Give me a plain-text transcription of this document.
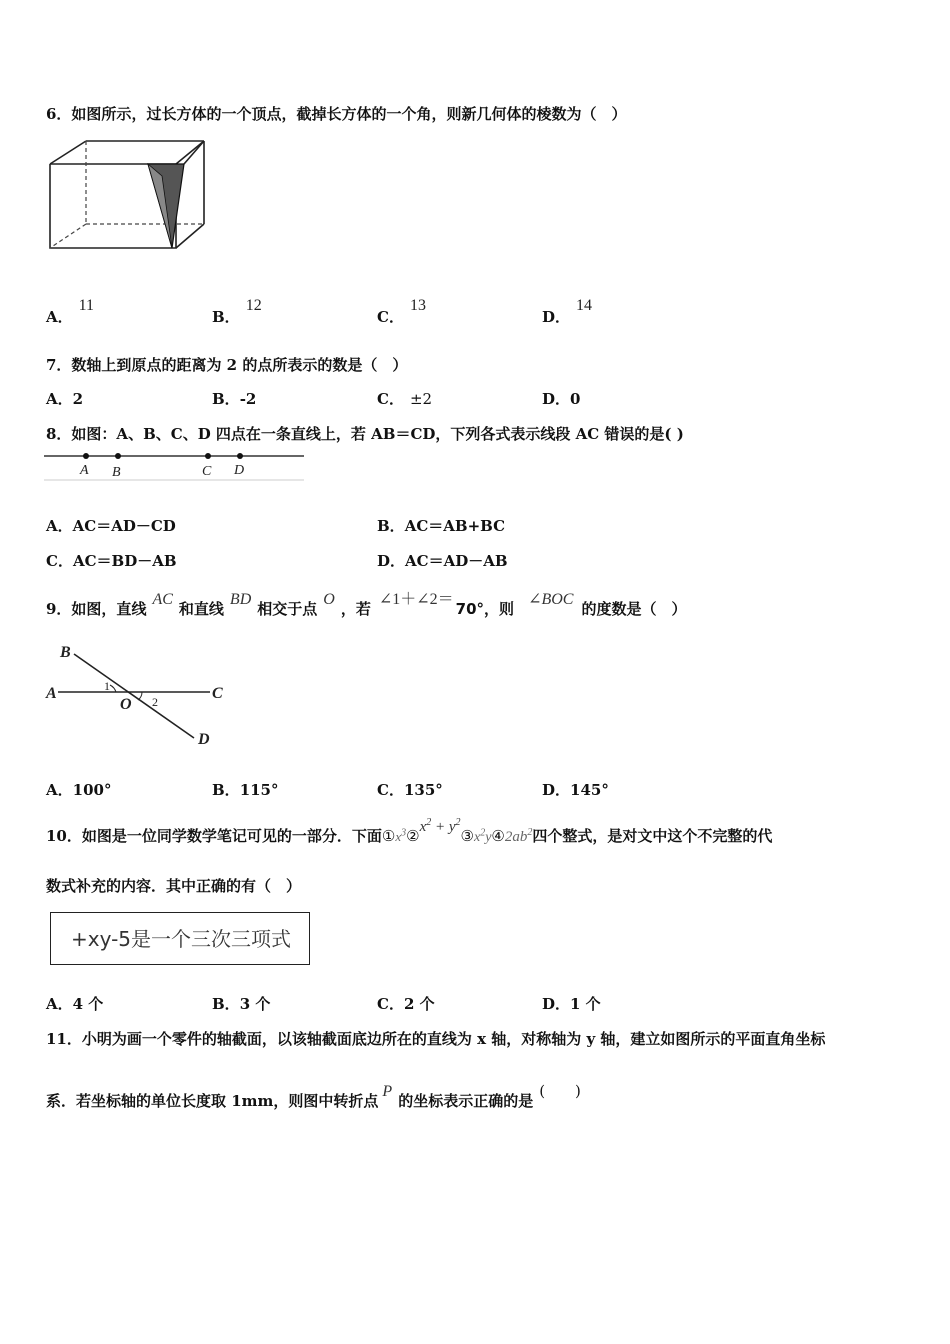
6．如图所示，过长方体的一个顶点，截掉长方体的一个角，则新几何体的棱数为（　）
A．11
B．12
C．13
D．14
7．数轴上到原点的距离为 2 的点所表示的数是（　）
A．2	B．-2	C． ±2	D．0
8．如图：A、B、C、D 四点在一条直线上，若 AB＝CD，下列各式表示线段 AC 错误的是( )
A B	C D
A．AC＝AD－CD	B．AC＝AB+BC
C．AC＝BD－AB	D．AC＝AD－AB
9．如图，直线AC和直线BD相交于点O，若∠1＋∠2＝70°，则∠BOC的度数是（　）
B
A	C
O
D
1
2
A．100°	B．115°	C．135°	D．145°
10．如图是一位同学数学笔记可见的一部分．下面$①x^3②x^2$ + $y^2③x^2y④2ab^2$四个整式，是对文中这个不完整的代
数式补充的内容．其中正确的有（　）
+xy-5是一个三次三项式
A．4 个	B．3 个	C．2 个	D．1 个
11．小明为画一个零件的轴截面，以该轴截面底边所在的直线为 x 轴，对称轴为 y 轴，建立如图所示的平面直角坐标
系．若坐标轴的单位长度取 1mm，则图中转折点P的坐标表示正确的是(　　)
